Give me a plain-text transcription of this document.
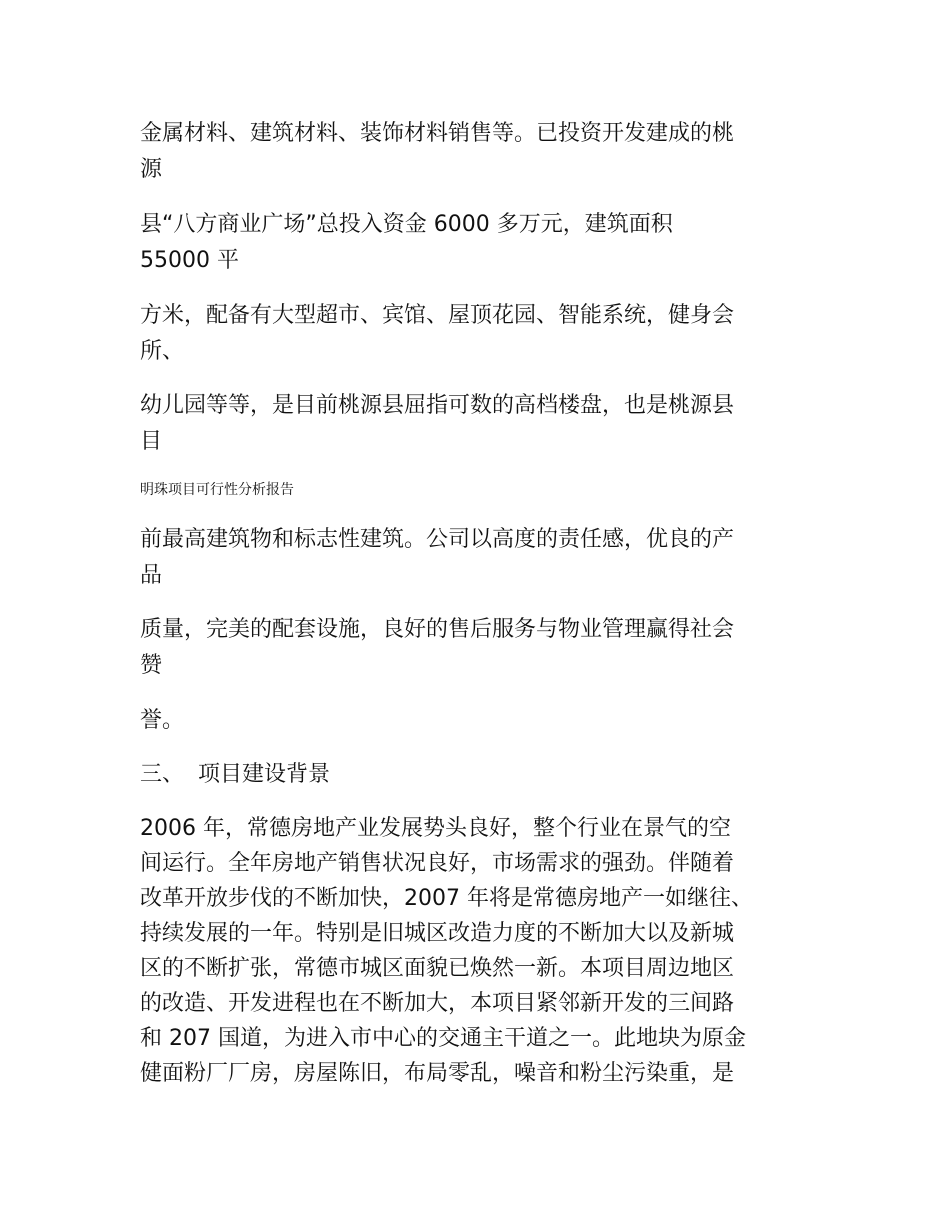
金属材料、建筑材料、装饰材料销售等。已投资开发建成的桃
源
县“八方商业广场”总投入资金 6000 多万元，建筑面积
55000 平
方米，配备有大型超市、宾馆、屋顶花园、智能系统，健身会
所、
幼儿园等等，是目前桃源县屈指可数的高档楼盘，也是桃源县
目
明珠项目可行性分析报告
前最高建筑物和标志性建筑。公司以高度的责任感，优良的产
品
质量，完美的配套设施，良好的售后服务与物业管理赢得社会
赞
誉。
三、  项目建设背景
2006 年，常德房地产业发展势头良好，整个行业在景气的空
间运行。全年房地产销售状况良好，市场需求的强劲。伴随着
改革开放步伐的不断加快，2007 年将是常德房地产一如继往、
持续发展的一年。特别是旧城区改造力度的不断加大以及新城
区的不断扩张，常德市城区面貌已焕然一新。本项目周边地区
的改造、开发进程也在不断加大，本项目紧邻新开发的三间路
和 207 国道，为进入市中心的交通主干道之一。此地块为原金
健面粉厂厂房，房屋陈旧，布局零乱，噪音和粉尘污染重，是
